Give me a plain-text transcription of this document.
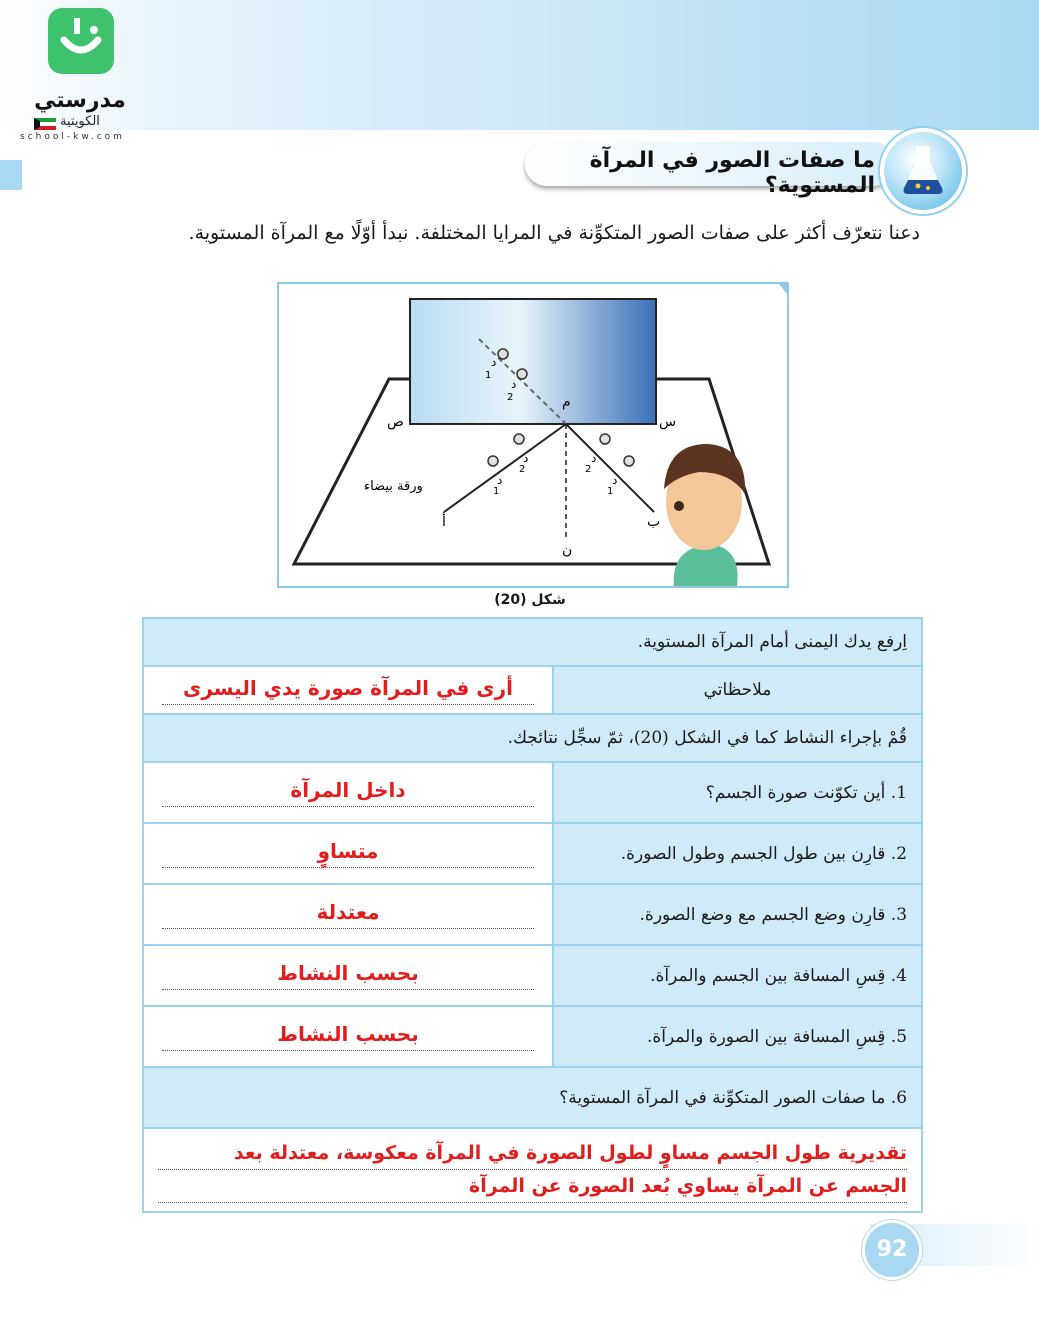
مدرستي
الكويتية
school-kw.com
ما صفات الصور في المرآة المستوية؟
دعنا نتعرّف أكثر على صفات الصور المتكوِّنة في المرايا المختلفة. نبدأ أوّلًا مع المرآة المستوية.
م
ن
س
ص
أ	ب
ورقة بيضاء	د
د	د
د
د
د
1
2	2
1
1
2
شكل (20)
اِرفع يدك اليمنى أمام المرآة المستوية.	
ملاحظاتي	أرى في المرآة صورة يدي اليسرى

قُمْ بإجراء النشاط كما في الشكل (20)، ثمّ سجِّل نتائجك.	
1. أين تكوّنت صورة الجسم؟	داخل المرآة

2. قارِن بين طول الجسم وطول الصورة.	متساوٍ

3. قارِن وضع الجسم مع وضع الصورة.	معتدلة

4. قِسِ المسافة بين الجسم والمرآة.	بحسب النشاط

5. قِسِ المسافة بين الصورة والمرآة.	بحسب النشاط

6. ما صفات الصور المتكوِّنة في المرآة المستوية؟	

تقديرية طول الجسم مساوٍ لطول الصورة في المرآة معكوسة، معتدلة بعد
الجسم عن المرآة يساوي بُعد الصورة عن المرآة	
92
